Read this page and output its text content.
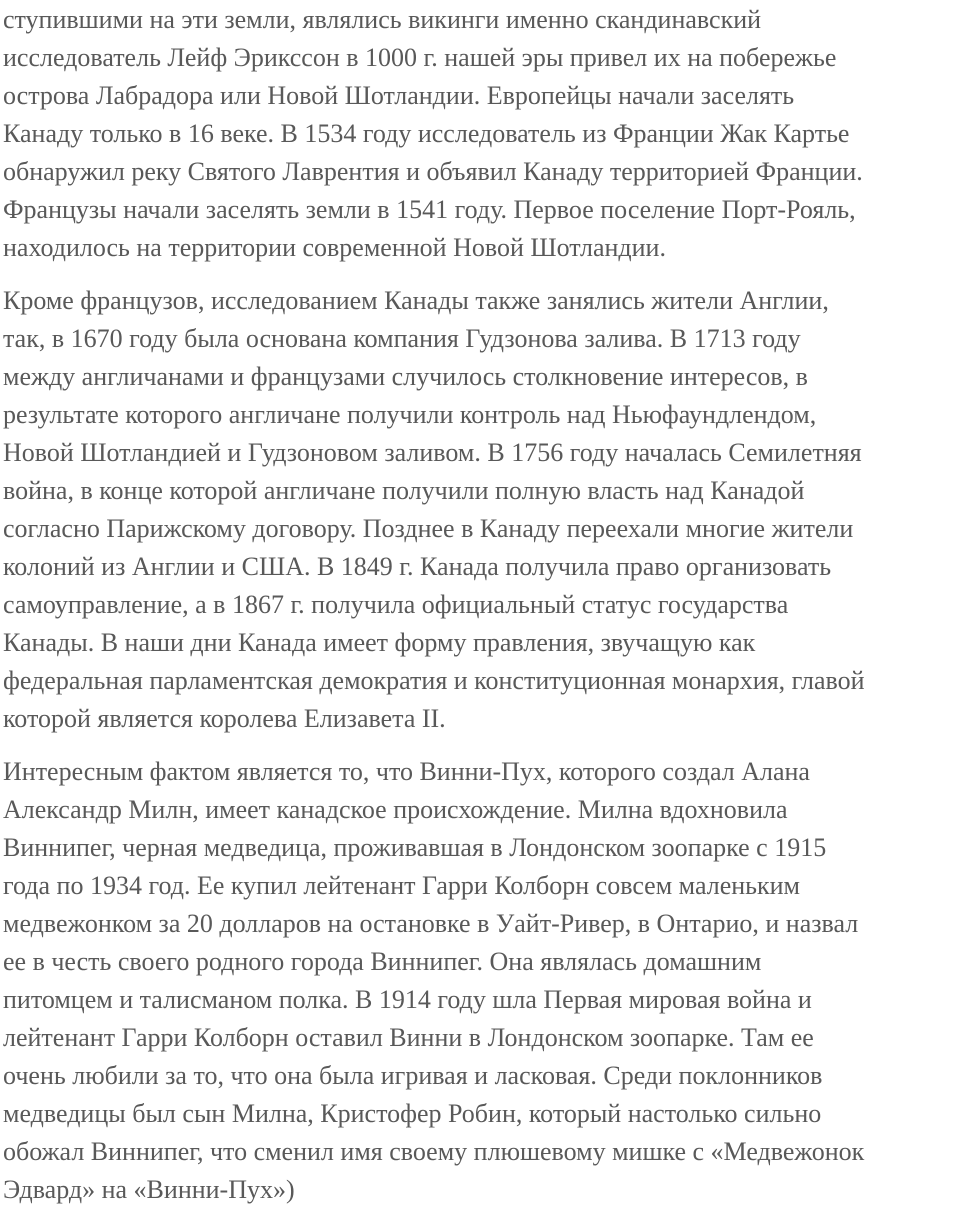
ступившими на эти земли, являлись викинги именно скандинавский
исследователь Лейф Эрикссон в 1000 г. нашей эры привел их на побережье
острова Лабрадора или Новой Шотландии. Европейцы начали заселять
Канаду только в 16 веке. В 1534 году исследователь из Франции Жак Картье
обнаружил реку Святого Лаврентия и объявил Канаду территорией Франции.
Французы начали заселять земли в 1541 году. Первое поселение Порт-Рояль,
находилось на территории современной Новой Шотландии.

Кроме французов, исследованием Канады также занялись жители Англии,
так, в 1670 году была основана компания Гудзонова залива. В 1713 году
между англичанами и французами случилось столкновение интересов, в
результате которого англичане получили контроль над Ньюфаундлендом,
Новой Шотландией и Гудзоновом заливом. В 1756 году началась Семилетняя
война, в конце которой англичане получили полную власть над Канадой
согласно Парижскому договору. Позднее в Канаду переехали многие жители
колоний из Англии и США. В 1849 г. Канада получила право организовать
самоуправление, а в 1867 г. получила официальный статус государства
Канады. В наши дни Канада имеет форму правления, звучащую как
федеральная парламентская демократия и конституционная монархия, главой
которой является королева Елизавета II.

Интересным фактом является то, что Винни-Пух, которого создал Алана
Александр Милн, имеет канадское происхождение. Милна вдохновила
Виннипег, черная медведица, проживавшая в Лондонском зоопарке с 1915
года по 1934 год. Ее купил лейтенант Гарри Колборн совсем маленьким
медвежонком за 20 долларов на остановке в Уайт-Ривер, в Онтарио, и назвал
ее в честь своего родного города Виннипег. Она являлась домашним
питомцем и талисманом полка. В 1914 году шла Первая мировая война и
лейтенант Гарри Колборн оставил Винни в Лондонском зоопарке. Там ее
очень любили за то, что она была игривая и ласковая. Среди поклонников
медведицы был сын Милна, Кристофер Робин, который настолько сильно
обожал Виннипег, что сменил имя своему плюшевому мишке с «Медвежонок
Эдвард» на «Винни-Пух»)
